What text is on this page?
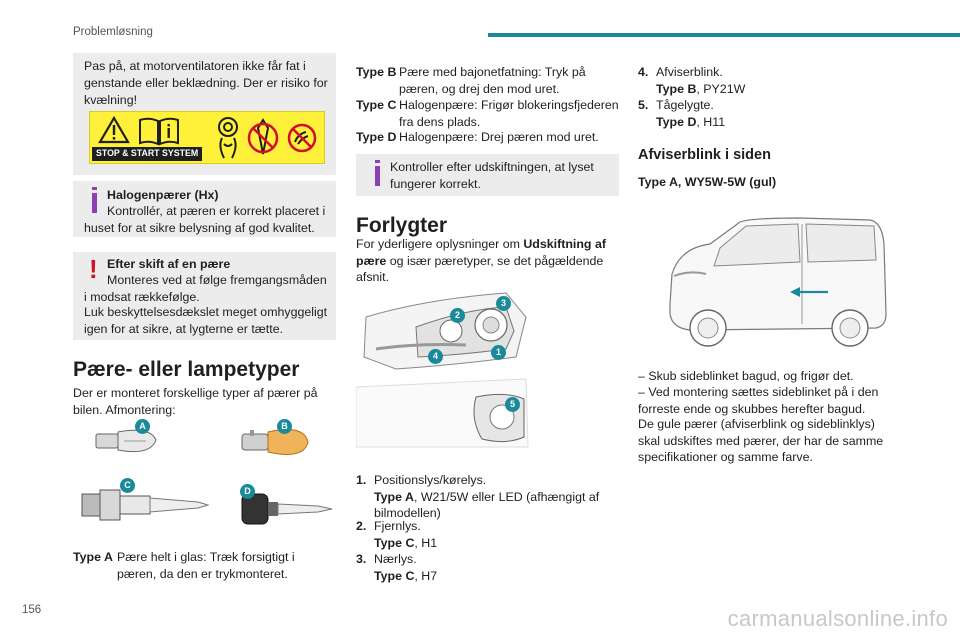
Problemløsning
Pas på, at motorventilatoren ikke får fat i genstande eller beklædning. Der er risiko for kvælning!
STOP & START SYSTEM
Halogenpærer (Hx)
Kontrollér, at pæren er korrekt placeret i huset for at sikre belysning af god kvalitet.
! Efter skift af en pære
Monteres ved at følge fremgangsmåden i modsat rækkefølge.
Luk beskyttelsesdækslet meget omhyggeligt igen for at sikre, at lygterne er tætte.
Pære- eller lampetyper
Der er monteret forskellige typer af pærer på bilen. Afmontering:
A	B
C
D
Type A Pære helt i glas: Træk forsigtigt i pæren, da den er trykmonteret.
Type B Pære med bajonetfatning: Tryk på pæren, og drej den mod uret.
Type C Halogenpære: Frigør blokeringsfjederen fra dens plads.
Type D Halogenpære: Drej pæren mod uret.
Kontroller efter udskiftningen, at lyset fungerer korrekt.
Forlygter
For yderligere oplysninger om Udskiftning af pære og især pæretyper, se det pågældende afsnit.
1
2
3
4
5
1. Positionslys/kørelys.
Type A, W21/5W eller LED (afhængigt af bilmodellen)
2. Fjernlys.
Type C, H1
3. Nærlys.
Type C, H7
4. Afviserblink.
Type B, PY21W
5. Tågelygte.
Type D, H11
Afviserblink i siden
Type A, WY5W-5W (gul)
– Skub sideblinket bagud, og frigør det.
– Ved montering sættes sideblinket på i den forreste ende og skubbes herefter bagud.
De gule pærer (afviserblink og sideblinklys) skal udskiftes med pærer, der har de samme specifikationer og samme farve.
156	carmanualsonline.info
